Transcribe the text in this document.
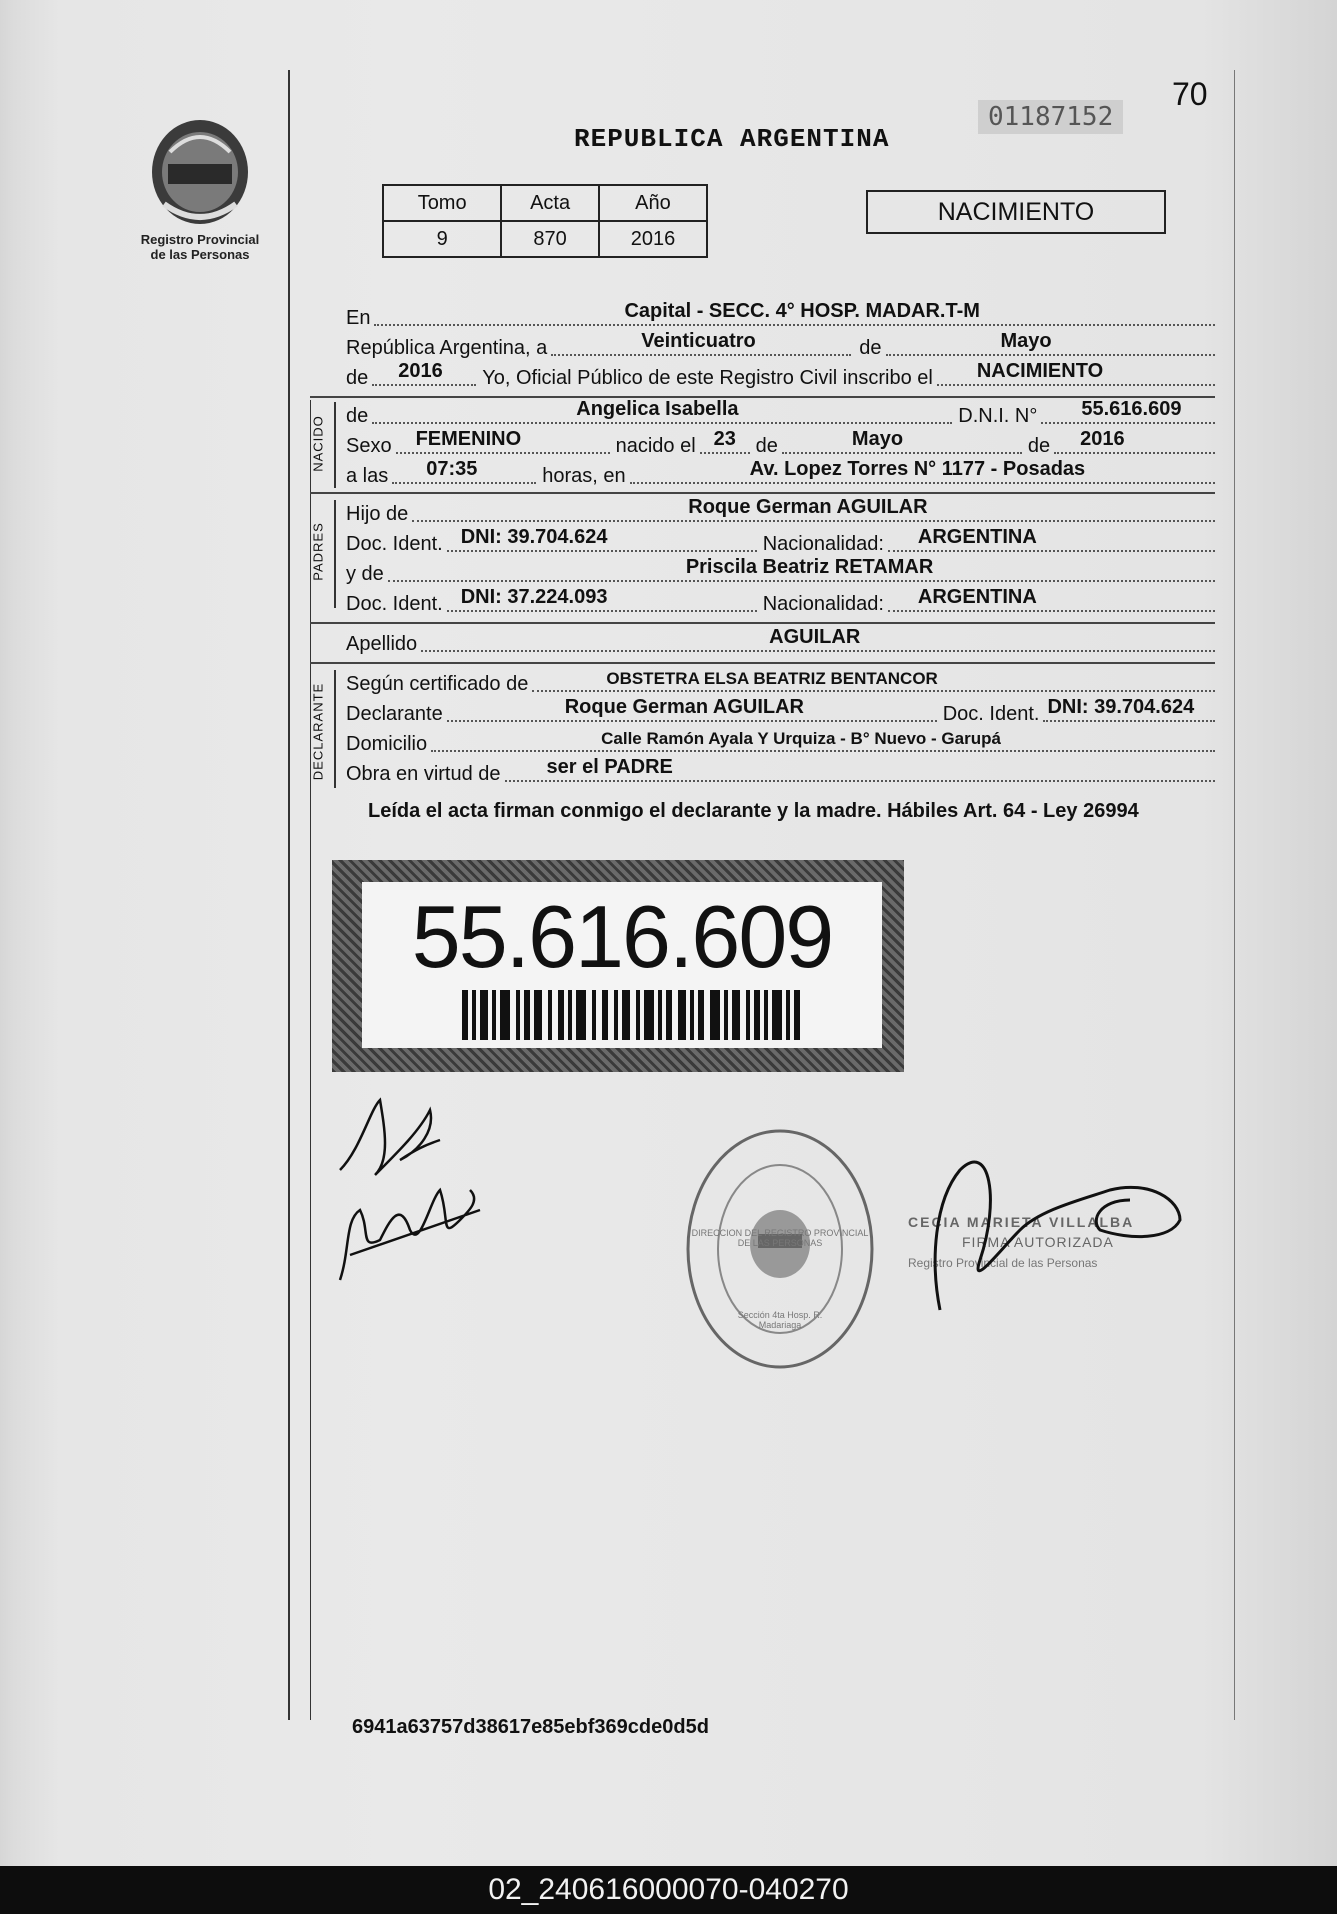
Registro Provincial de las Personas
REPUBLICA ARGENTINA
01187152
70
Tomo	Acta	Año
9	870	2016
NACIMIENTO
En	Capital - SECC. 4° HOSP. MADAR.T-M
República Argentina, a	Veinticuatro	de	Mayo
de 2016	Yo, Oficial Público de este Registro Civil inscribo el NACIMIENTO
NACIDO de	Angelica Isabella	D.N.I. N° 55.616.609
Sexo FEMENINO	nacido el 23 de	Mayo	de 2016
a las 07:35	horas, en	Av. Lopez Torres N° 1177 - Posadas
PADRES
Hijo de	Roque German AGUILAR
Doc. Ident. DNI: 39.704.624	Nacionalidad: ARGENTINA
y de	Priscila Beatriz RETAMAR
Doc. Ident. DNI: 37.224.093	Nacionalidad: ARGENTINA
Apellido	AGUILAR
DECLARANTE Según certificado de	OBSTETRA ELSA BEATRIZ BENTANCOR
Declarante	Roque German AGUILAR	Doc. Ident. DNI: 39.704.624
Domicilio	Calle Ramón Ayala Y Urquiza - B° Nuevo - Garupá
Obra en virtud de ser el PADRE
Leída el acta firman conmigo el declarante y la madre. Hábiles Art. 64 - Ley 26994
55.616.609
DIRECCION DEL REGISTRO PROVINCIAL DE LAS PERSONAS
Sección 4ta Hosp. R. Madariaga
CECIA MARIETA VILLALBA
FIRMA AUTORIZADA
Registro Provincial de las Personas
6941a63757d38617e85ebf369cde0d5d
02_240616000070-040270
